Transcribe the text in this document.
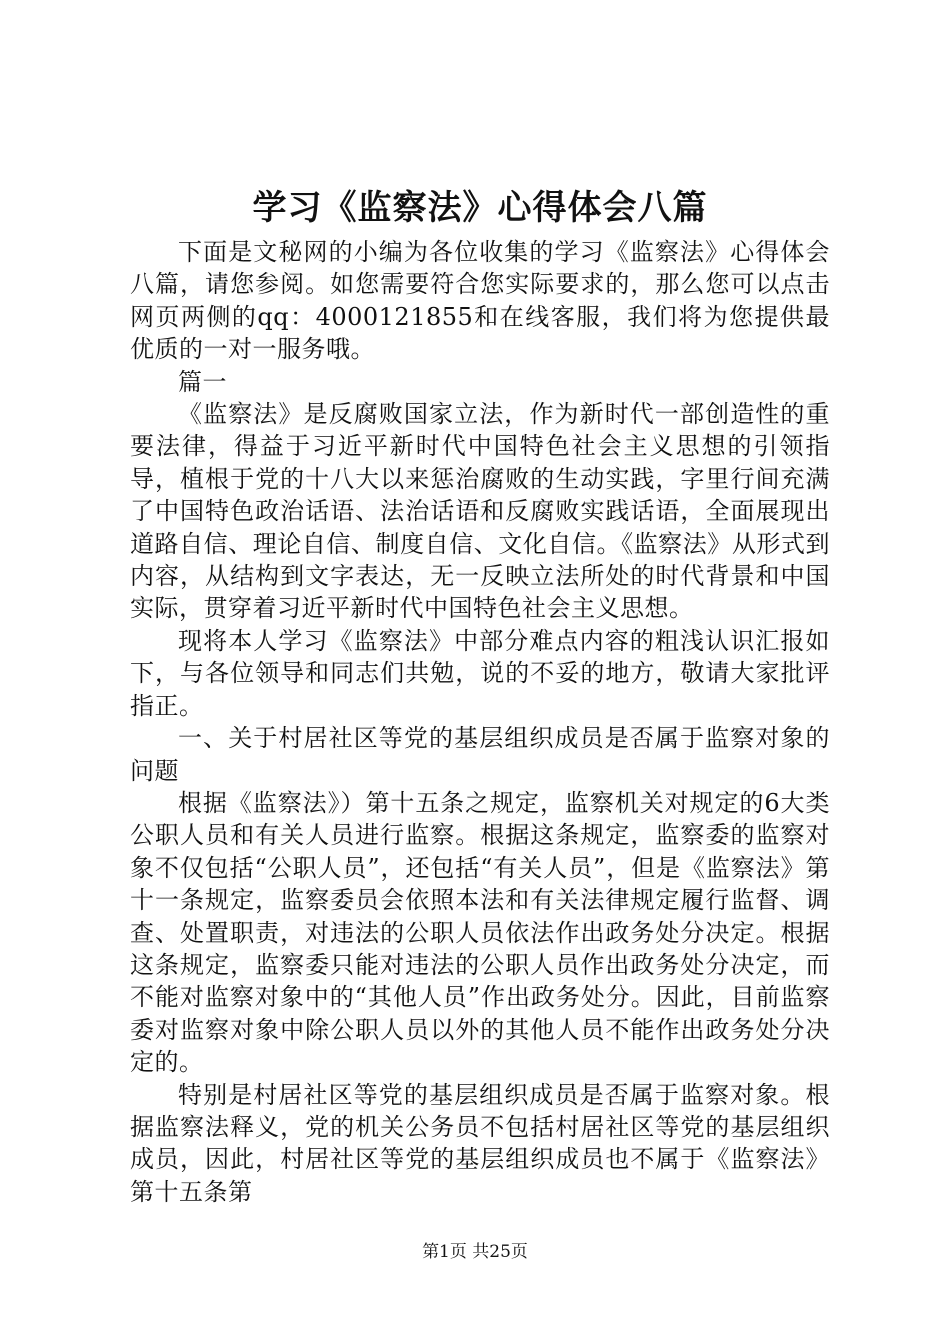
学习《监察法》心得体会八篇

下面是文秘网的小编为各位收集的学习《监察法》心得体会八篇，请您参阅。如您需要符合您实际要求的，那么您可以点击网页两侧的qq：4000121855和在线客服，我们将为您提供最优质的一对一服务哦。

篇一

《监察法》是反腐败国家立法，作为新时代一部创造性的重要法律，得益于习近平新时代中国特色社会主义思想的引领指导，植根于党的十八大以来惩治腐败的生动实践，字里行间充满了中国特色政治话语、法治话语和反腐败实践话语，全面展现出道路自信、理论自信、制度自信、文化自信。《监察法》从形式到内容，从结构到文字表达，无一反映立法所处的时代背景和中国实际，贯穿着习近平新时代中国特色社会主义思想。

现将本人学习《监察法》中部分难点内容的粗浅认识汇报如下，与各位领导和同志们共勉，说的不妥的地方，敬请大家批评指正。

一、关于村居社区等党的基层组织成员是否属于监察对象的问题

根据《监察法》）第十五条之规定，监察机关对规定的6大类公职人员和有关人员进行监察。根据这条规定，监察委的监察对象不仅包括“公职人员”，还包括“有关人员”，但是《监察法》第十一条规定，监察委员会依照本法和有关法律规定履行监督、调查、处置职责，对违法的公职人员依法作出政务处分决定。根据这条规定，监察委只能对违法的公职人员作出政务处分决定，而不能对监察对象中的“其他人员”作出政务处分。因此，目前监察委对监察对象中除公职人员以外的其他人员不能作出政务处分决定的。

特别是村居社区等党的基层组织成员是否属于监察对象。根据监察法释义，党的机关公务员不包括村居社区等党的基层组织成员，因此，村居社区等党的基层组织成员也不属于《监察法》第十五条第

第1页 共25页
